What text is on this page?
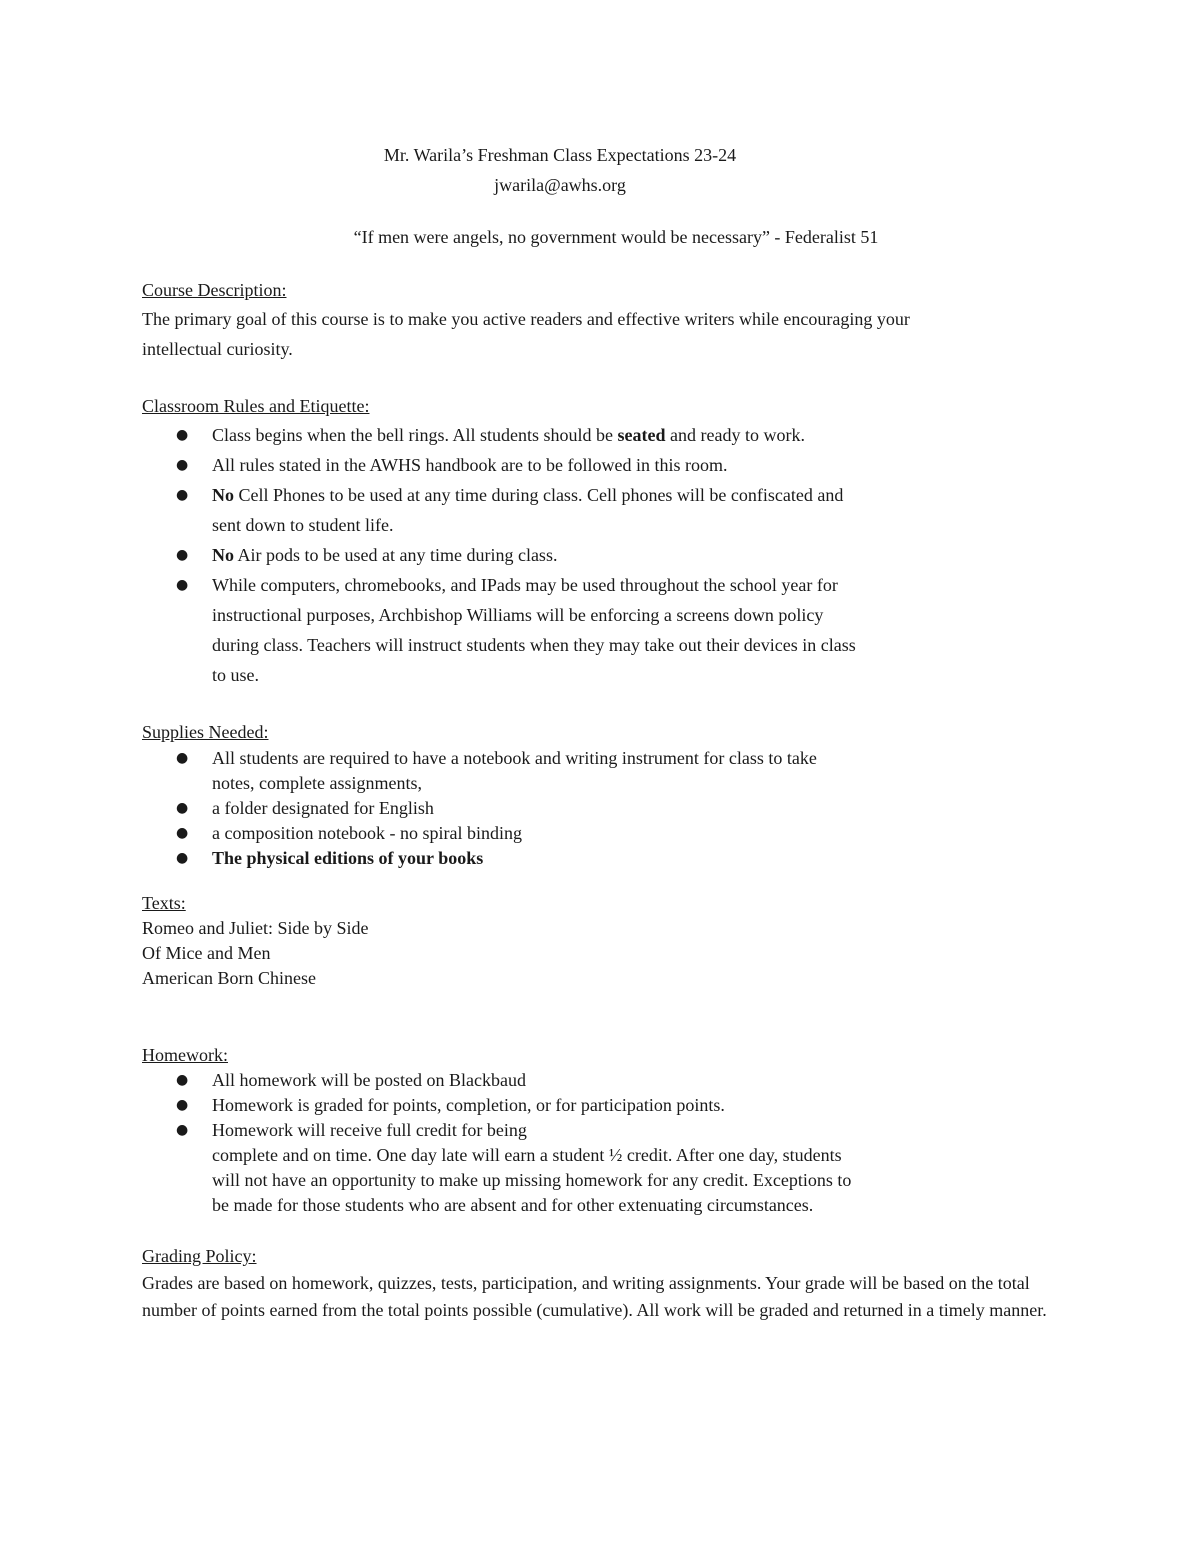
Mr. Warila’s Freshman Class Expectations 23-24
jwarila@awhs.org
“If men were angels, no government would be necessary” - Federalist 51
Course Description:
The primary goal of this course is to make you active readers and effective writers while encouraging your intellectual curiosity.
Classroom Rules and Etiquette:
● Class begins when the bell rings. All students should be seated and ready to work.
● All rules stated in the AWHS handbook are to be followed in this room.
● No Cell Phones to be used at any time during class. Cell phones will be confiscated and sent down to student life.
● No Air pods to be used at any time during class.
● While computers, chromebooks, and IPads may be used throughout the school year for instructional purposes, Archbishop Williams will be enforcing a screens down policy during class. Teachers will instruct students when they may take out their devices in class to use.
Supplies Needed:
● All students are required to have a notebook and writing instrument for class to take notes, complete assignments,
● a folder designated for English
● a composition notebook - no spiral binding
● The physical editions of your books
Texts:
Romeo and Juliet: Side by Side
Of Mice and Men
American Born Chinese
Homework:
● All homework will be posted on Blackbaud
● Homework is graded for points, completion, or for participation points.
● Homework will receive full credit for being
complete and on time. One day late will earn a student ½ credit. After one day, students will not have an opportunity to make up missing homework for any credit. Exceptions to be made for those students who are absent and for other extenuating circumstances.
Grading Policy:
Grades are based on homework, quizzes, tests, participation, and writing assignments. Your grade will be based on the total number of points earned from the total points possible (cumulative). All work will be graded and returned in a timely manner.
